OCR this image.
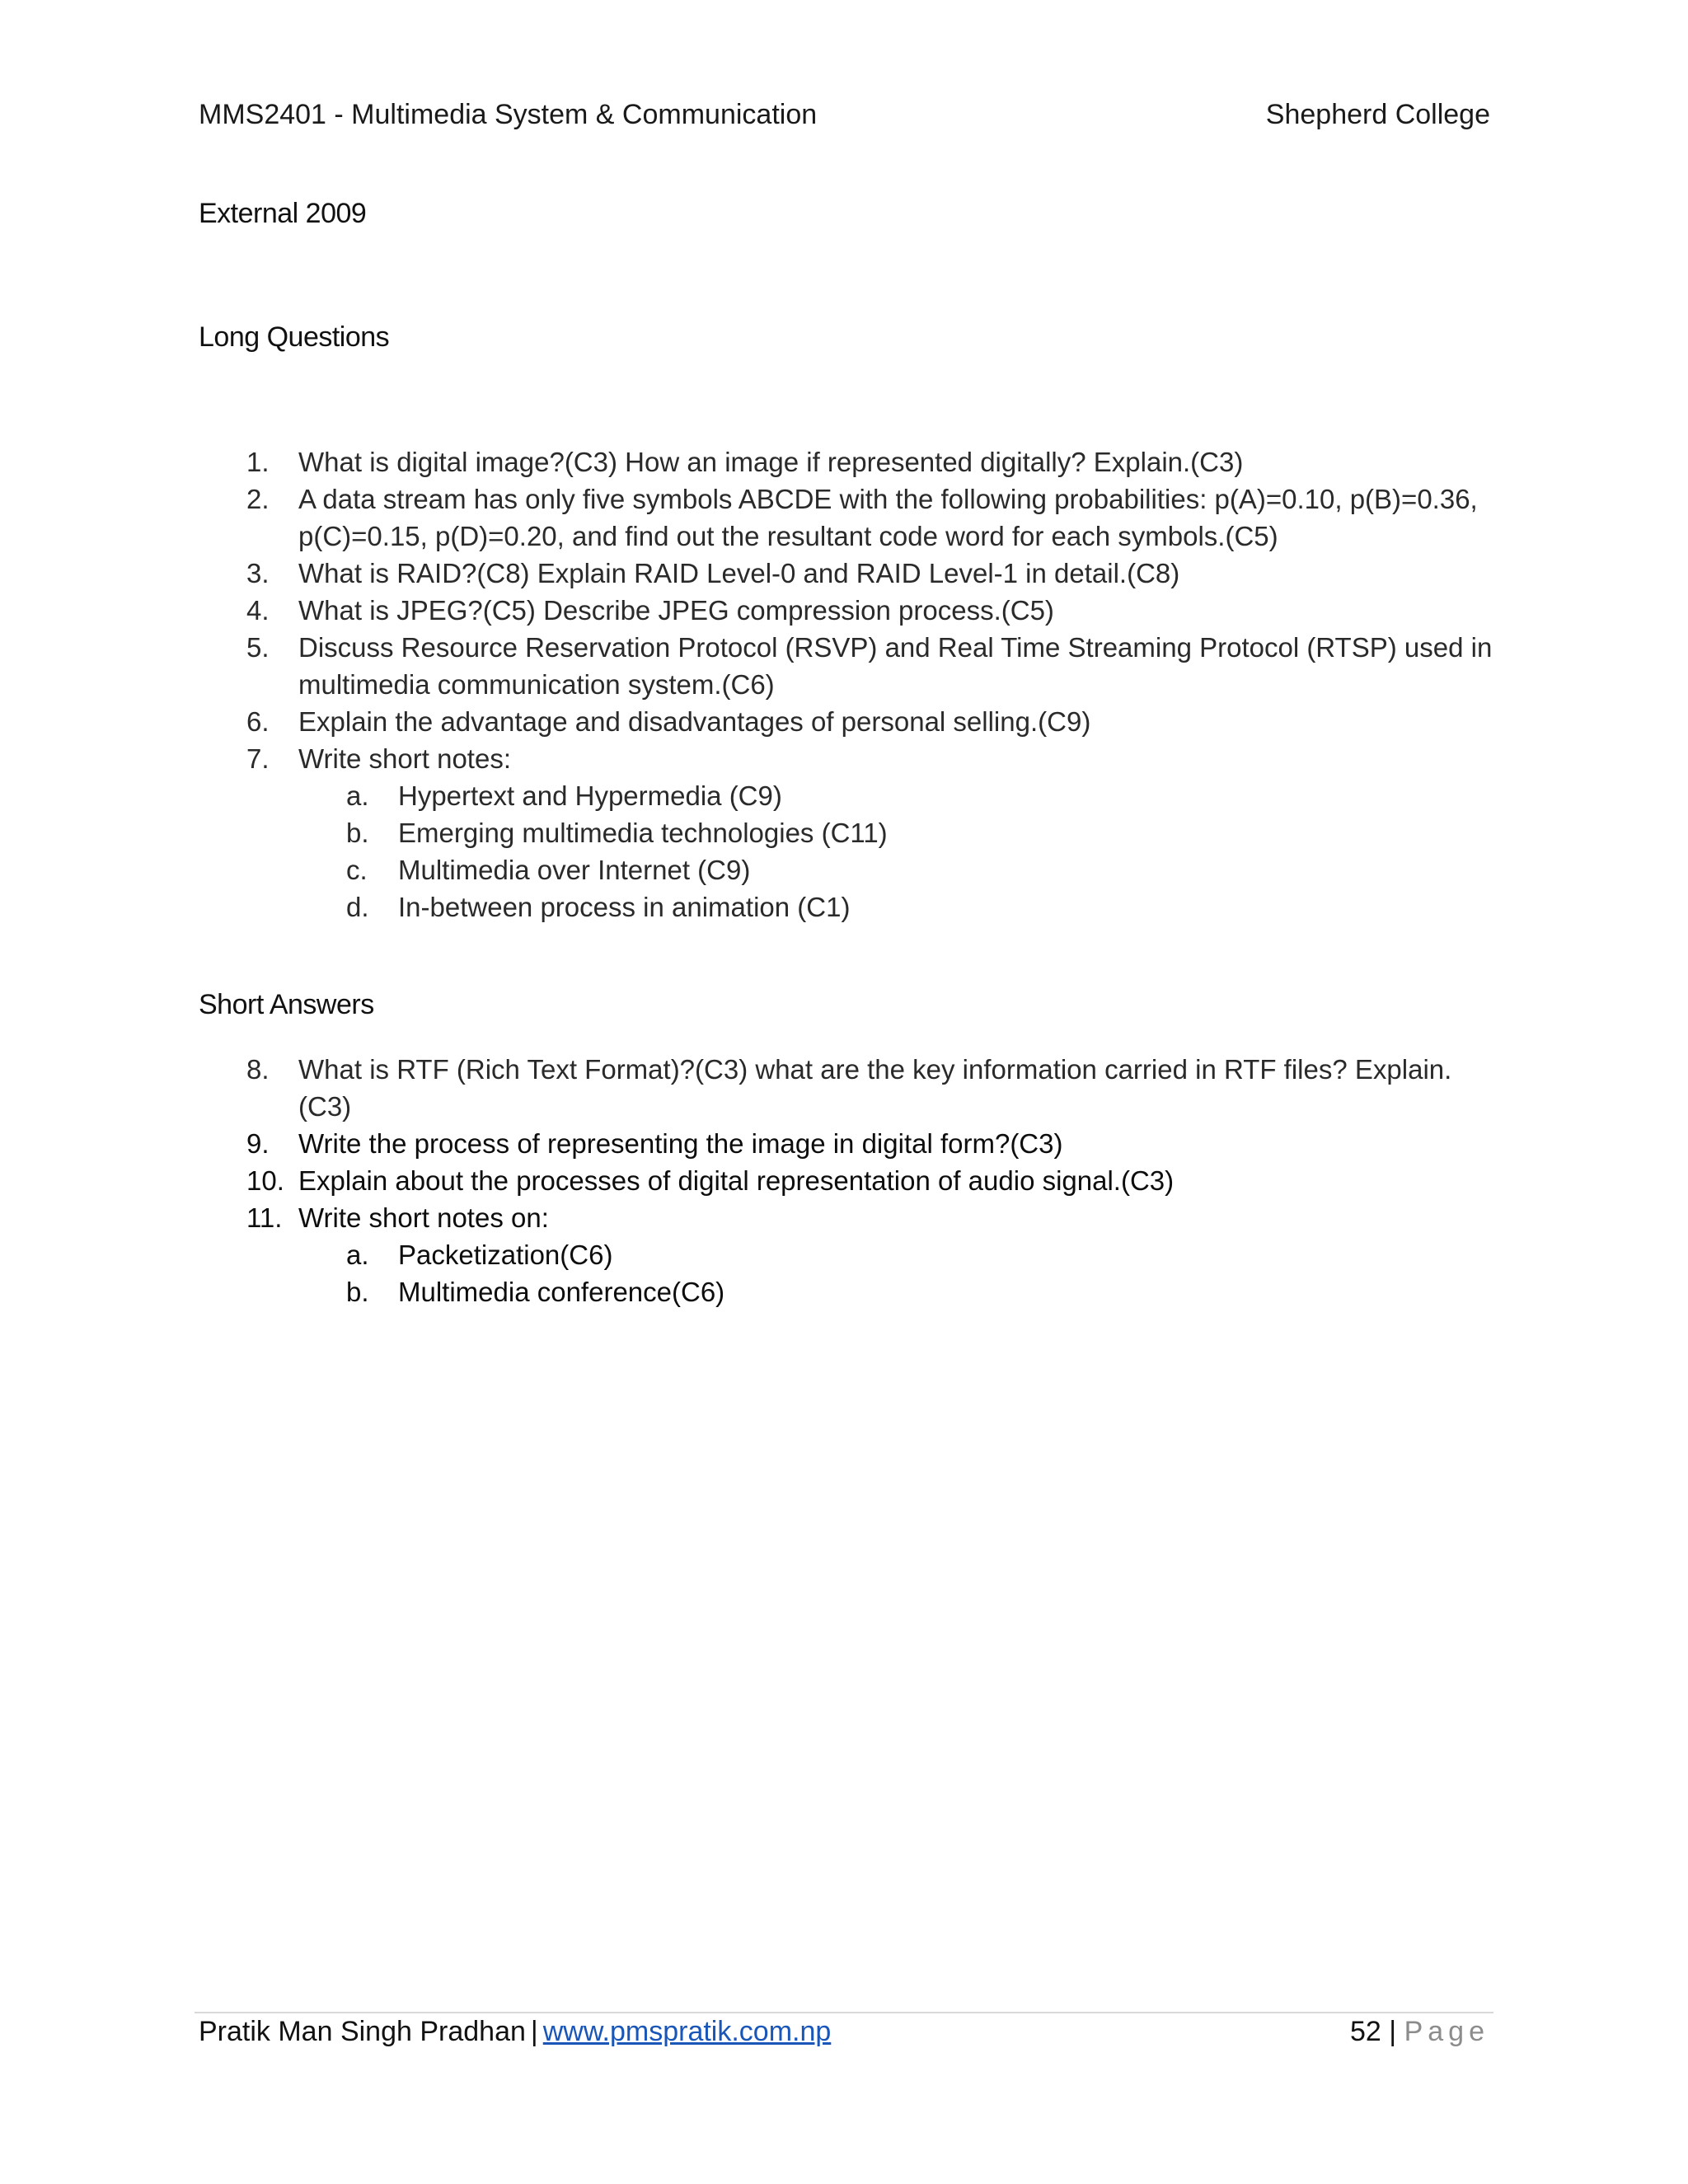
MMS2401 - Multimedia System & Communication	Shepherd College
External 2009
Long Questions
1.	What is digital image?(C3) How an image if represented digitally? Explain.(C3)
2.	A data stream has only five symbols ABCDE with the following probabilities: p(A)=0.10, p(B)=0.36,
p(C)=0.15, p(D)=0.20, and find out the resultant code word for each symbols.(C5)
3.	What is RAID?(C8) Explain RAID Level-0 and RAID Level-1 in detail.(C8)
4.	What is JPEG?(C5) Describe JPEG compression process.(C5)
5.	Discuss Resource Reservation Protocol (RSVP) and Real Time Streaming Protocol (RTSP) used in
multimedia communication system.(C6)
6.	Explain the advantage and disadvantages of personal selling.(C9)
7.	Write short notes:
a.	Hypertext and Hypermedia (C9)
b.	Emerging multimedia technologies (C11)
c.	Multimedia over Internet (C9)
d.	In-between process in animation (C1)
Short Answers
8.	What is RTF (Rich Text Format)?(C3) what are the key information carried in RTF files? Explain.
(C3)
9.	Write the process of representing the image in digital form?(C3)
10. Explain about the processes of digital representation of audio signal.(C3)
11. Write short notes on:
a.	Packetization(C6)
b.	Multimedia conference(C6)
Pratik Man Singh Pradhan | www.pmspratik.com.np	52 | Page
